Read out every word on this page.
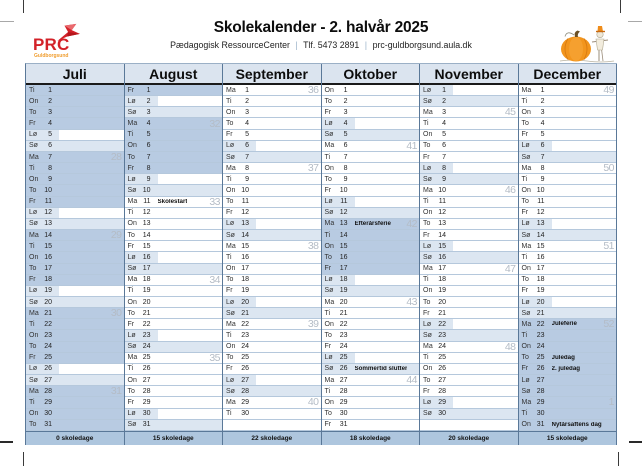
PRC
Guldborgsund
Skolekalender - 2. halvår 2025
Pædagogisk RessourceCenter | Tlf. 5473 2891 | prc-guldborgsund.aula.dk
Juli
Ti	1
On	2
To	3
Fr	4
Lø	5
Sø	6
Ma	7	28
Ti	8
On	9
To	10
Fr	11
Lø	12
Sø 13
Ma 14	29
Ti	15
On 16
To	17
Fr	18
Lø	19
Sø 20
Ma 21	30
Ti	22
On 23
To	24
Fr	25
Lø	26
Sø 27
Ma 28	31
Ti	29
On 30
To	31
0 skoledage
August
Fr	1
Lø	2
Sø	3
Ma	4	32
Ti	5
On	6
To	7
Fr	8
Lø	9
Sø 10
Ma 11 Skolestart 33
Ti	12
On 13
To	14
Fr	15
Lø	16
Sø 17
Ma 18	34
Ti	19
On 20
To	21
Fr	22
Lø	23
Sø 24
Ma 25	35
Ti	26
On 27
To	28
Fr	29
Lø	30
Sø 31
15 skoledage
September
Ma	1	36
Ti	2
On	3
To	4
Fr	5
Lø	6
Sø	7
Ma	8	37
Ti	9
On 10
To	11
Fr	12
Lø	13
Sø 14
Ma 15	38
Ti	16
On 17
To	18
Fr	19
Lø	20
Sø 21
Ma 22	39
Ti	23
On 24
To	25
Fr	26
Lø	27
Sø 28
Ma 29	40
Ti	30
22 skoledage
Oktober
On	1
To	2
Fr	3
Lø	4
Sø	5
Ma	6	41
Ti	7
On	8
To	9
Fr	10
Lø	11
Sø 12
Ma 13 Efterårsferie 42
Ti	14
On 15
To	16
Fr	17
Lø	18
Sø 19
Ma 20	43
Ti	21
On 22
To	23
Fr	24
Lø	25
Sø 26 Sommertid slutter
Ma 27	44
Ti	28
On 29
To	30
Fr	31
18 skoledage
November
Lø	1
Sø	2
Ma	3	45
Ti	4
On	5
To	6
Fr	7
Lø	8
Sø	9
Ma 10	46
Ti	11
On 12
To	13
Fr	14
Lø	15
Sø 16
Ma 17	47
Ti	18
On 19
To	20
Fr	21
Lø	22
Sø 23
Ma 24	48
Ti	25
On 26
To	27
Fr	28
Lø	29
Sø 30
20 skoledage
December
Ma	1	49
Ti	2
On	3
To	4
Fr	5
Lø	6
Sø	7
Ma	8	50
Ti	9
On 10
To	11
Fr	12
Lø	13
Sø 14
Ma 15	51
Ti	16
On 17
To	18
Fr	19
Lø	20
Sø 21
Ma 22 Juleferie	52
Ti	23
On 24
To	25 Juledag
Fr	26 2. juledag
Lø	27
Sø 28
Ma 29	1
Ti	30
On 31 Nytårsaftens dag
15 skoledage
